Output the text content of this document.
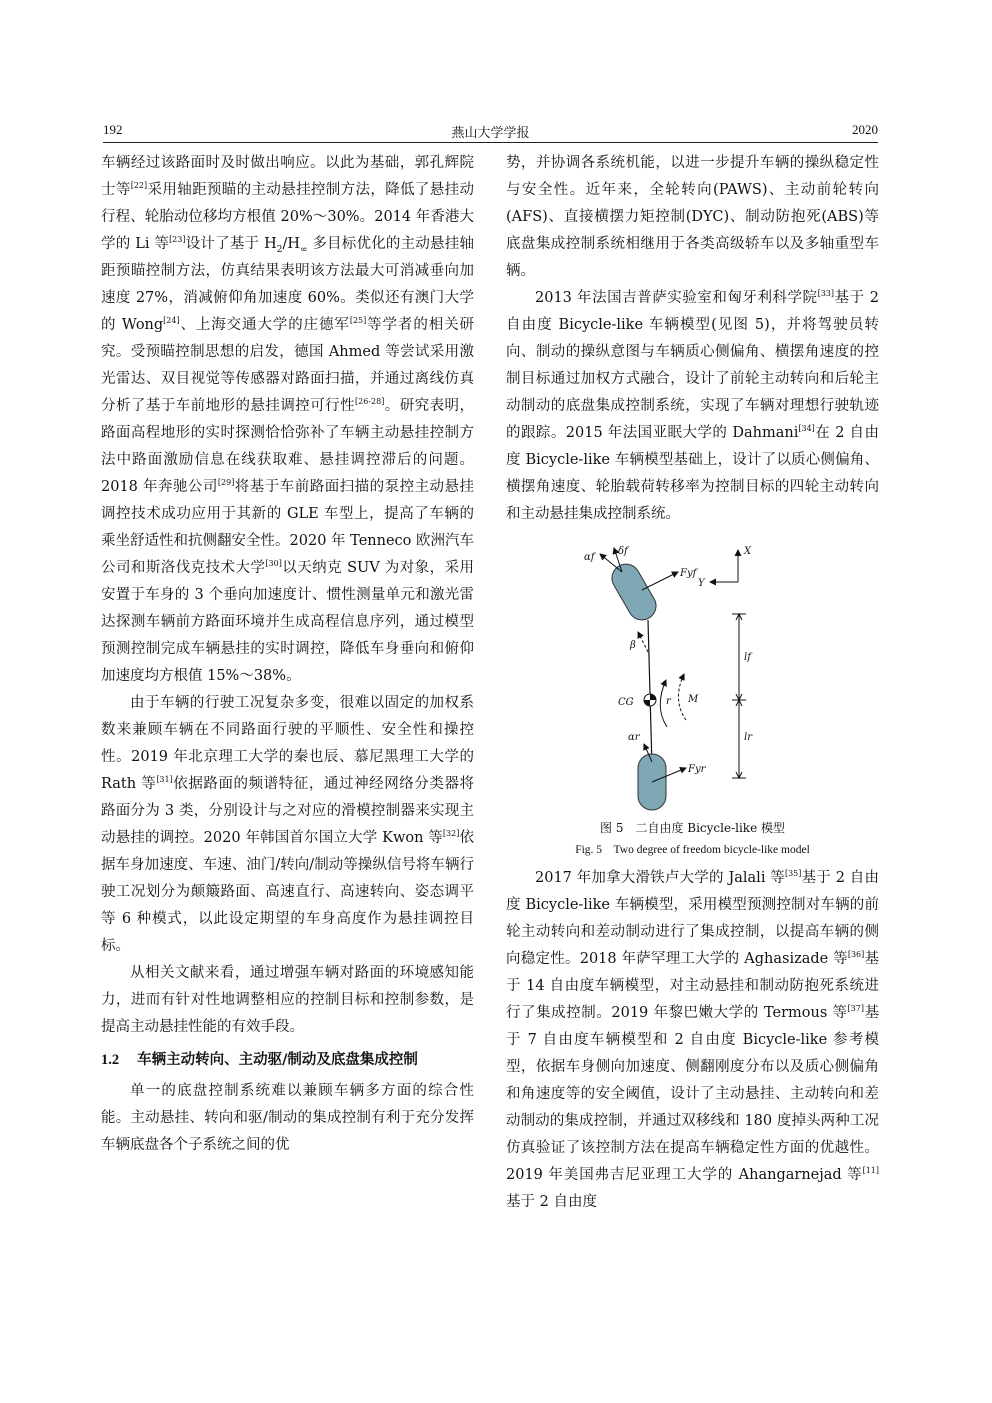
192	燕山大学学报	2020

车辆经过该路面时及时做出响应。以此为基础，郭孔辉院士等[22]采用轴距预瞄的主动悬挂控制方法，降低了悬挂动行程、轮胎动位移均方根值 20%～30%。2014 年香港大学的 Li 等[23]设计了基于 $H_2/H_\infty$ 多目标优化的主动悬挂轴距预瞄控制方法，仿真结果表明该方法最大可消减垂向加速度 27%，消减俯仰角加速度 60%。类似还有澳门大学的 Wong[24]、上海交通大学的庄德军[25]等学者的相关研究。受预瞄控制思想的启发，德国 Ahmed 等尝试采用激光雷达、双目视觉等传感器对路面扫描，并通过离线仿真分析了基于车前地形的悬挂调控可行性[26-28]。研究表明，路面高程地形的实时探测恰恰弥补了车辆主动悬挂控制方法中路面激励信息在线获取难、悬挂调控滞后的问题。2018 年奔驰公司[29]将基于车前路面扫描的泵控主动悬挂调控技术成功应用于其新的 GLE 车型上，提高了车辆的乘坐舒适性和抗侧翻安全性。2020 年 Tenneco 欧洲汽车公司和斯洛伐克技术大学[30]以天纳克 SUV 为对象，采用安置于车身的 3 个垂向加速度计、惯性测量单元和激光雷达探测车辆前方路面环境并生成高程信息序列，通过模型预测控制完成车辆悬挂的实时调控，降低车身垂向和俯仰加速度均方根值 15%～38%。

由于车辆的行驶工况复杂多变，很难以固定的加权系数来兼顾车辆在不同路面行驶的平顺性、安全性和操控性。2019 年北京理工大学的秦也辰、慕尼黑理工大学的 Rath 等[31]依据路面的频谱特征，通过神经网络分类器将路面分为 3 类，分别设计与之对应的滑模控制器来实现主动悬挂的调控。2020 年韩国首尔国立大学 Kwon 等[32]依据车身加速度、车速、油门/转向/制动等操纵信号将车辆行驶工况划分为颠簸路面、高速直行、高速转向、姿态调平等 6 种模式，以此设定期望的车身高度作为悬挂调控目标。

从相关文献来看，通过增强车辆对路面的环境感知能力，进而有针对性地调整相应的控制目标和控制参数，是提高主动悬挂性能的有效手段。

1.2 车辆主动转向、主动驱/制动及底盘集成控制

单一的底盘控制系统难以兼顾车辆多方面的综合性能。主动悬挂、转向和驱/制动的集成控制有利于充分发挥车辆底盘各个子系统之间的优

势，并协调各系统机能，以进一步提升车辆的操纵稳定性与安全性。近年来，全轮转向(PAWS)、主动前轮转向(AFS)、直接横摆力矩控制(DYC)、制动防抱死(ABS)等底盘集成控制系统相继用于各类高级轿车以及多轴重型车辆。

2013 年法国吉普萨实验室和匈牙利科学院[33]基于 2 自由度 Bicycle-like 车辆模型(见图 5)，并将驾驶员转向、制动的操纵意图与车辆质心侧偏角、横摆角速度的控制目标通过加权方式融合，设计了前轮主动转向和后轮主动制动的底盘集成控制系统，实现了车辆对理想行驶轨迹的跟踪。2015 年法国亚眠大学的 Dahmani[34]在 2 自由度 Bicycle-like 车辆模型基础上，设计了以质心侧偏角、横摆角速度、轮胎载荷转移率为控制目标的四轮主动转向和主动悬挂集成控制系统。

δf
αf
Fyf
X
Y
β
lf
CG	r M
lr
αr
Fyr
图 5　二自由度 Bicycle-like 模型
Fig. 5　Two degree of freedom bicycle-like model

2017 年加拿大滑铁卢大学的 Jalali 等[35]基于 2 自由度 Bicycle-like 车辆模型，采用模型预测控制对车辆的前轮主动转向和差动制动进行了集成控制，以提高车辆的侧向稳定性。2018 年萨罕理工大学的 Aghasizade 等[36]基于 14 自由度车辆模型，对主动悬挂和制动防抱死系统进行了集成控制。2019 年黎巴嫩大学的 Termous 等[37]基于 7 自由度车辆模型和 2 自由度 Bicycle-like 参考模型，依据车身侧向加速度、侧翻刚度分布以及质心侧偏角和角速度等的安全阈值，设计了主动悬挂、主动转向和差动制动的集成控制，并通过双移线和 180 度掉头两种工况仿真验证了该控制方法在提高车辆稳定性方面的优越性。2019 年美国弗吉尼亚理工大学的 Ahangarnejad 等[11]基于 2 自由度
